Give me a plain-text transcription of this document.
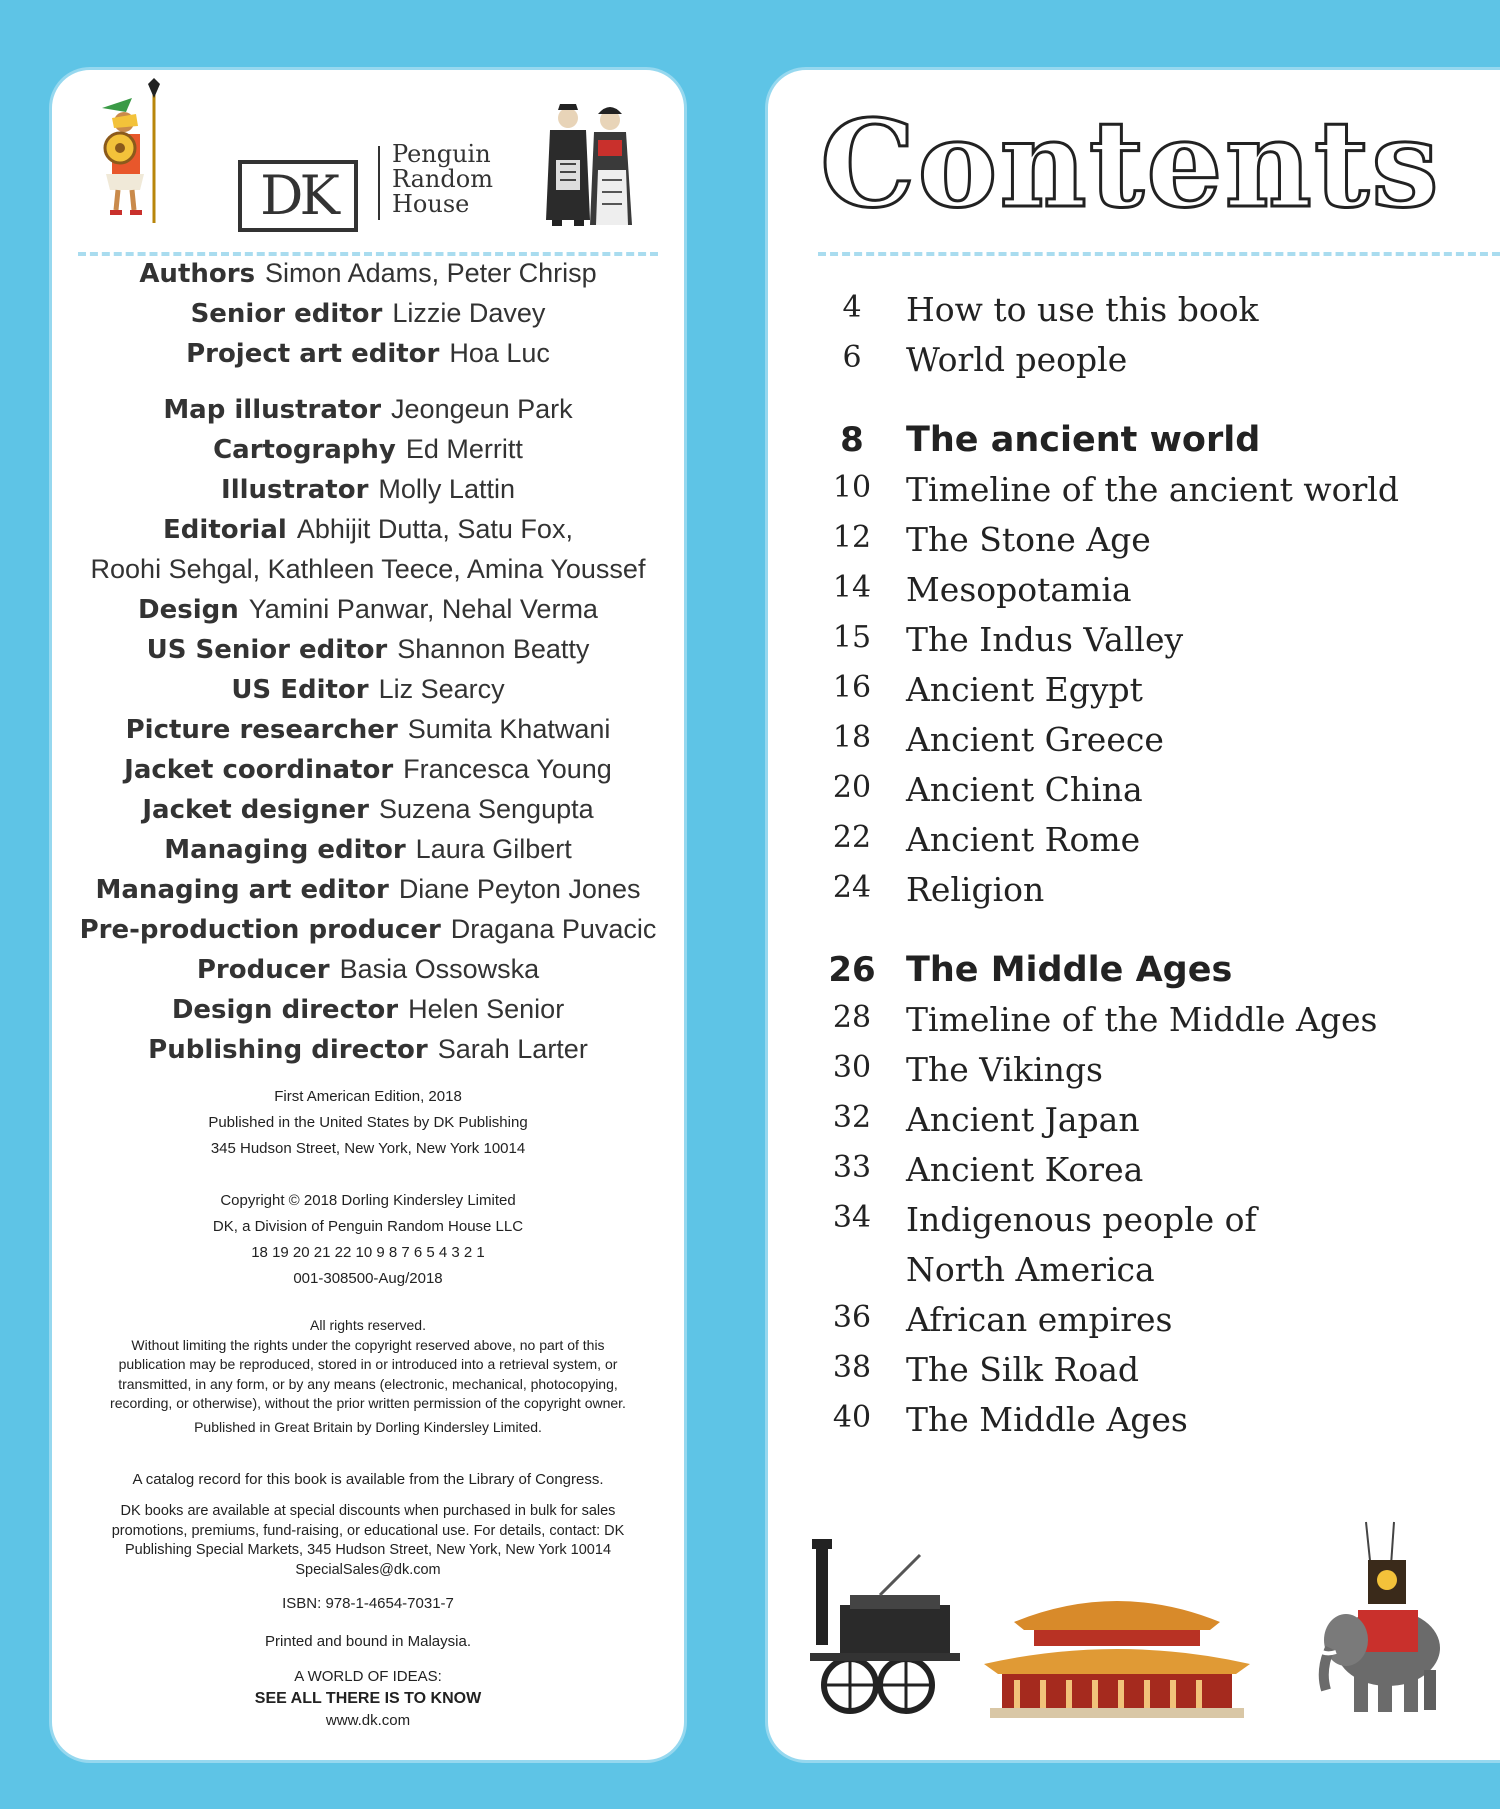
DK
Penguin
Random
House
Authors Simon Adams, Peter Chrisp
Senior editor Lizzie Davey
Project art editor Hoa Luc
Map illustrator Jeongeun Park
Cartography Ed Merritt
Illustrator Molly Lattin
Editorial Abhijit Dutta, Satu Fox,
Roohi Sehgal, Kathleen Teece, Amina Youssef
Design Yamini Panwar, Nehal Verma
US Senior editor Shannon Beatty
US Editor Liz Searcy
Picture researcher Sumita Khatwani
Jacket coordinator Francesca Young
Jacket designer Suzena Sengupta
Managing editor Laura Gilbert
Managing art editor Diane Peyton Jones
Pre-production producer Dragana Puvacic
Producer Basia Ossowska
Design director Helen Senior
Publishing director Sarah Larter

First American Edition, 2018

Published in the United States by DK Publishing

345 Hudson Street, New York, New York 10014

Copyright © 2018 Dorling Kindersley Limited

DK, a Division of Penguin Random House LLC

18 19 20 21 22 10 9 8 7 6 5 4 3 2 1

001-308500-Aug/2018

All rights reserved.

Without limiting the rights under the copyright reserved above, no part of this

publication may be reproduced, stored in or introduced into a retrieval system, or

transmitted, in any form, or by any means (electronic, mechanical, photocopying,

recording, or otherwise), without the prior written permission of the copyright owner.

Published in Great Britain by Dorling Kindersley Limited.

A catalog record for this book is available from the Library of Congress.

DK books are available at special discounts when purchased in bulk for sales

promotions, premiums, fund-raising, or educational use. For details, contact: DK

Publishing Special Markets, 345 Hudson Street, New York, New York 10014

SpecialSales@dk.com

ISBN: 978-1-4654-7031-7

Printed and bound in Malaysia.

A WORLD OF IDEAS:

SEE ALL THERE IS TO KNOW

www.dk.com

Contents
4	How to use this book
6	World people
8	The ancient world
10	Timeline of the ancient world
12	The Stone Age
14	Mesopotamia
15	The Indus Valley
16	Ancient Egypt
18	Ancient Greece
20	Ancient China
22	Ancient Rome
24	Religion
26 The Middle Ages
28	Timeline of the Middle Ages
30	The Vikings
32	Ancient Japan
33	Ancient Korea
34	Indigenous people of
North America
36	African empires
38	The Silk Road
40	The Middle Ages
